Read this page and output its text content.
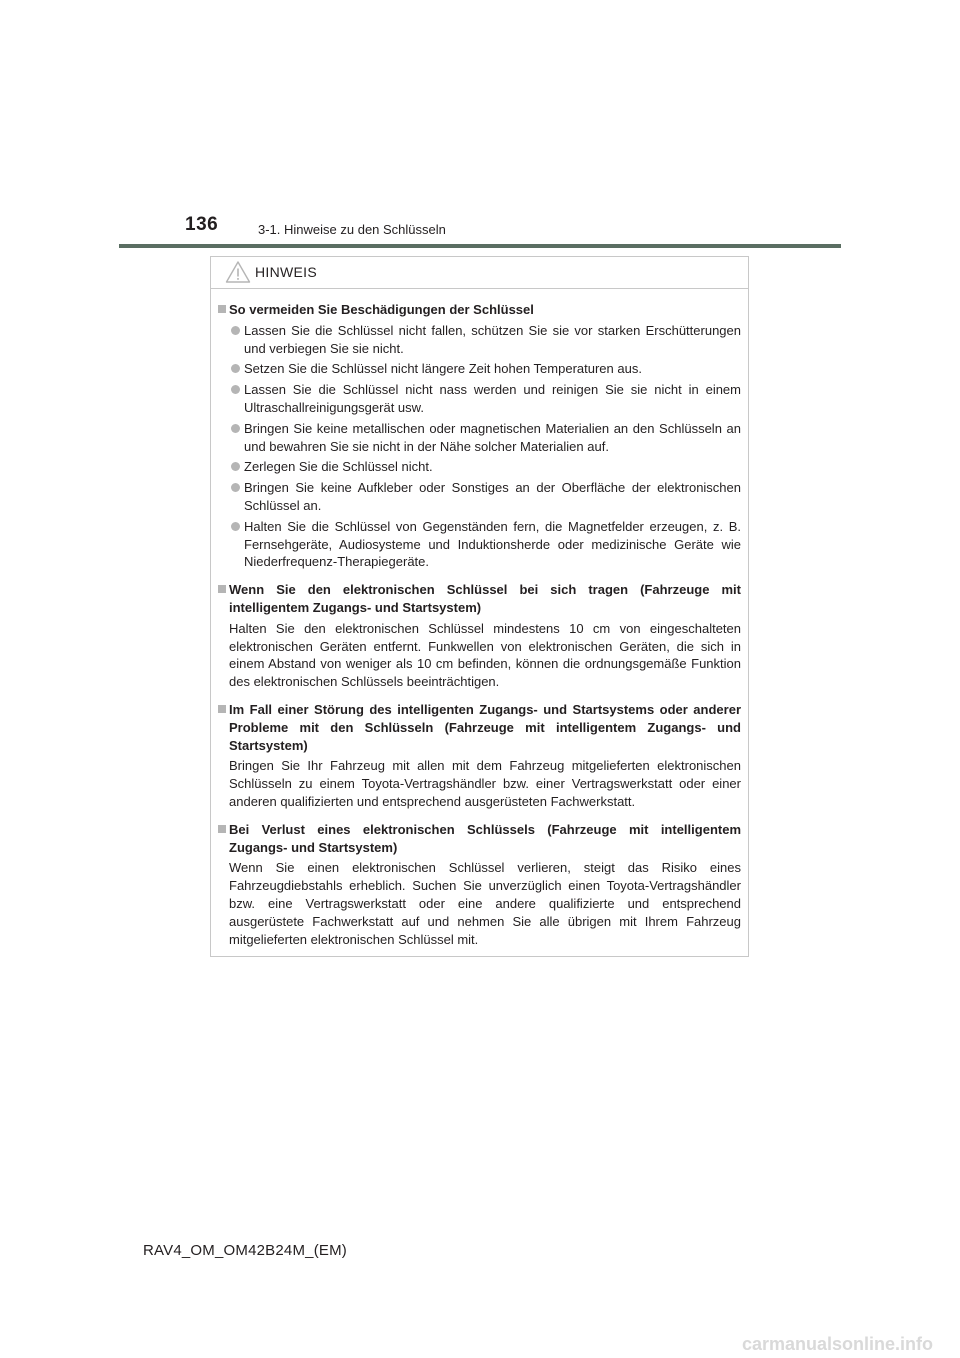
136	3-1. Hinweise zu den Schlüsseln
HINWEIS
So vermeiden Sie Beschädigungen der Schlüssel
Lassen Sie die Schlüssel nicht fallen, schützen Sie sie vor starken Erschütterungen und verbiegen Sie sie nicht.
Setzen Sie die Schlüssel nicht längere Zeit hohen Temperaturen aus.
Lassen Sie die Schlüssel nicht nass werden und reinigen Sie sie nicht in einem Ultraschallreinigungsgerät usw.
Bringen Sie keine metallischen oder magnetischen Materialien an den Schlüsseln an und bewahren Sie sie nicht in der Nähe solcher Materialien auf.
Zerlegen Sie die Schlüssel nicht.
Bringen Sie keine Aufkleber oder Sonstiges an der Oberfläche der elektronischen Schlüssel an.
Halten Sie die Schlüssel von Gegenständen fern, die Magnetfelder erzeugen, z. B. Fernsehgeräte, Audiosysteme und Induktionsherde oder medizinische Geräte wie Niederfrequenz-Therapiegeräte.
Wenn Sie den elektronischen Schlüssel bei sich tragen (Fahrzeuge mit intelligentem Zugangs- und Startsystem)
Halten Sie den elektronischen Schlüssel mindestens 10 cm von eingeschalteten elektronischen Geräten entfernt. Funkwellen von elektronischen Geräten, die sich in einem Abstand von weniger als 10 cm befinden, können die ordnungsgemäße Funktion des elektronischen Schlüssels beeinträchtigen.
Im Fall einer Störung des intelligenten Zugangs- und Startsystems oder anderer Probleme mit den Schlüsseln (Fahrzeuge mit intelligentem Zugangs- und Startsystem)
Bringen Sie Ihr Fahrzeug mit allen mit dem Fahrzeug mitgelieferten elektronischen Schlüsseln zu einem Toyota-Vertragshändler bzw. einer Vertragswerkstatt oder einer anderen qualifizierten und entsprechend ausgerüsteten Fachwerkstatt.
Bei Verlust eines elektronischen Schlüssels (Fahrzeuge mit intelligentem Zugangs- und Startsystem)
Wenn Sie einen elektronischen Schlüssel verlieren, steigt das Risiko eines Fahrzeugdiebstahls erheblich. Suchen Sie unverzüglich einen Toyota-Vertragshändler bzw. eine Vertragswerkstatt oder eine andere qualifizierte und entsprechend ausgerüstete Fachwerkstatt auf und nehmen Sie alle übrigen mit Ihrem Fahrzeug mitgelieferten elektronischen Schlüssel mit.
RAV4_OM_OM42B24M_(EM)
carmanualsonline.info
